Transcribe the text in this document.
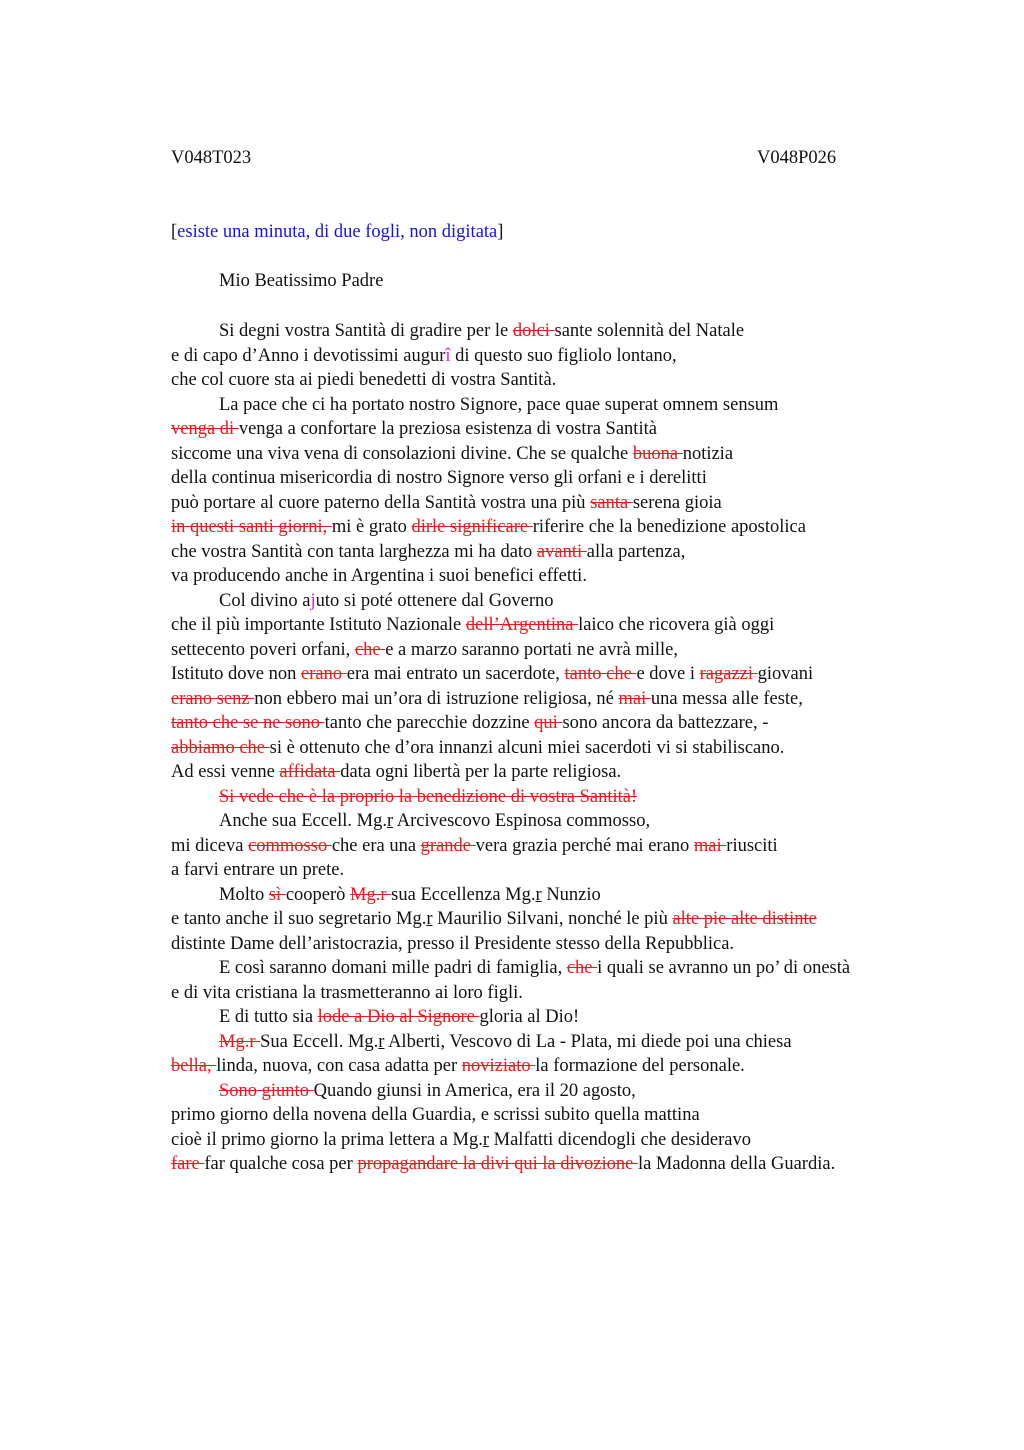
V048T023	V048P026
[esiste una minuta, di due fogli, non digitata]
Mio Beatissimo Padre

Si degni vostra Santità di gradire per le dolci sante solennità del Natale

e di capo d’Anno i devotissimi augurî di questo suo figliolo lontano,

che col cuore sta ai piedi benedetti di vostra Santità.

La pace che ci ha portato nostro Signore, pace quae superat omnem sensum

venga di venga a confortare la preziosa esistenza di vostra Santità

siccome una viva vena di consolazioni divine. Che se qualche buona notizia

della continua misericordia di nostro Signore verso gli orfani e i derelitti

può portare al cuore paterno della Santità vostra una più santa serena gioia

in questi santi giorni, mi è grato dirle significare riferire che la benedizione apostolica

che vostra Santità con tanta larghezza mi ha dato avanti alla partenza,

va producendo anche in Argentina i suoi benefici effetti.

Col divino ajuto si poté ottenere dal Governo

che il più importante Istituto Nazionale dell’Argentina laico che ricovera già oggi

settecento poveri orfani, che e a marzo saranno portati ne avrà mille,

Istituto dove non erano era mai entrato un sacerdote, tanto che e dove i ragazzi giovani

erano senz non ebbero mai un’ora di istruzione religiosa, né mai una messa alle feste,

tanto che se ne sono tanto che parecchie dozzine qui sono ancora da battezzare, -

abbiamo che si è ottenuto che d’ora innanzi alcuni miei sacerdoti vi si stabiliscano.

Ad essi venne affidata data ogni libertà per la parte religiosa.

Si vede che è la proprio la benedizione di vostra Santità!

Anche sua Eccell. Mg.r Arcivescovo Espinosa commosso,

mi diceva commosso che era una grande vera grazia perché mai erano mai riusciti

a farvi entrare un prete.

Molto sì cooperò Mg.r sua Eccellenza Mg.r Nunzio

e tanto anche il suo segretario Mg.r Maurilio Silvani, nonché le più alte pie alte distinte

distinte Dame dell’aristocrazia, presso il Presidente stesso della Repubblica.

E così saranno domani mille padri di famiglia, che i quali se avranno un po’ di onestà

e di vita cristiana la trasmetteranno ai loro figli.

E di tutto sia lode a Dio al Signore gloria al Dio!

Mg.r Sua Eccell. Mg.r Alberti, Vescovo di La - Plata, mi diede poi una chiesa

bella, linda, nuova, con casa adatta per noviziato la formazione del personale.

Sono giunto Quando giunsi in America, era il 20 agosto,

primo giorno della novena della Guardia, e scrissi subito quella mattina

cioè il primo giorno la prima lettera a Mg.r Malfatti dicendogli che desideravo

fare far qualche cosa per propagandare la divi qui la divozione la Madonna della Guardia.
